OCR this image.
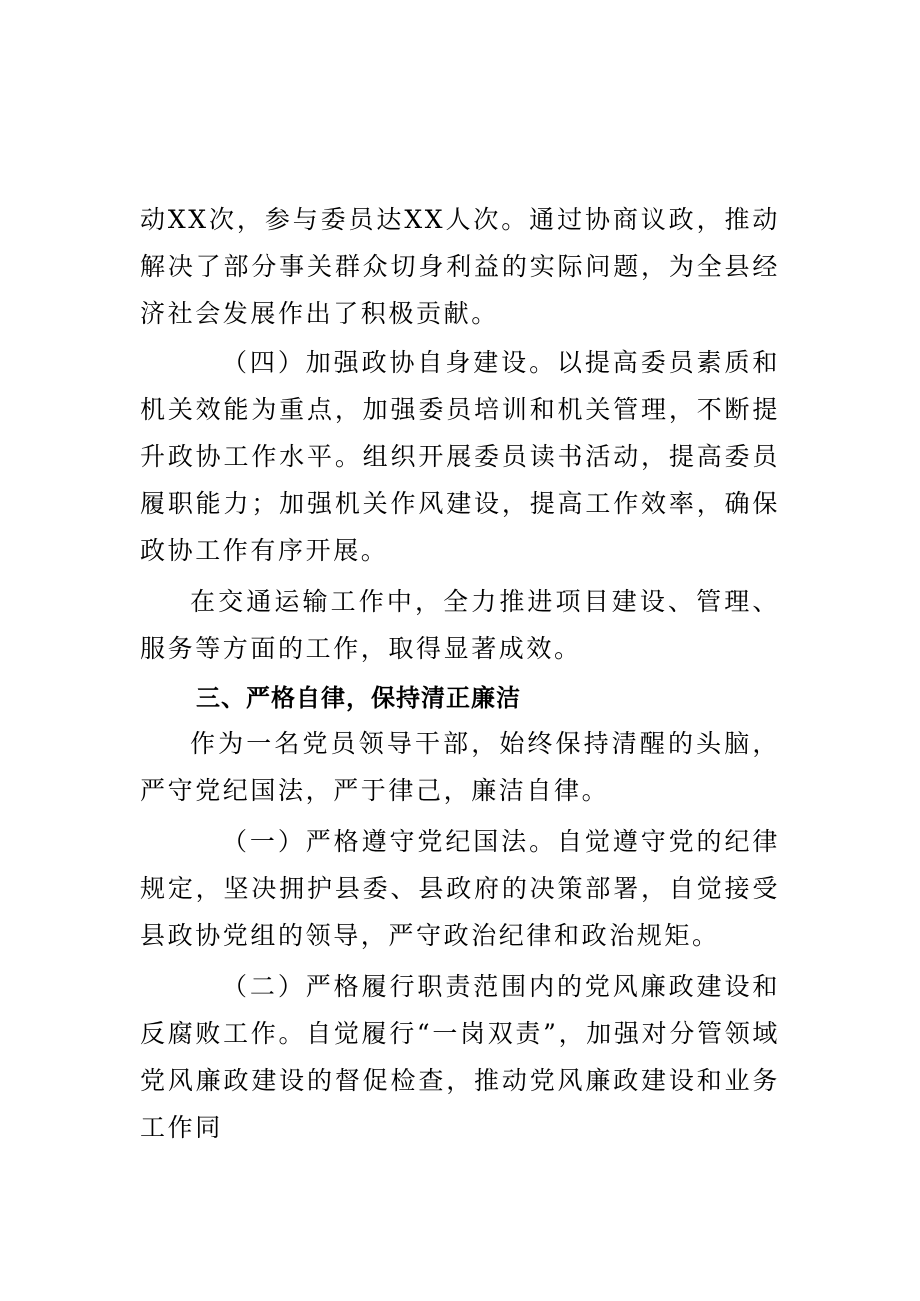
动XX次，参与委员达XX人次。通过协商议政，推动解决了部分事关群众切身利益的实际问题，为全县经济社会发展作出了积极贡献。

（四）加强政协自身建设。以提高委员素质和机关效能为重点，加强委员培训和机关管理，不断提升政协工作水平。组织开展委员读书活动，提高委员履职能力；加强机关作风建设，提高工作效率，确保政协工作有序开展。

在交通运输工作中，全力推进项目建设、管理、服务等方面的工作，取得显著成效。

三、严格自律，保持清正廉洁

作为一名党员领导干部，始终保持清醒的头脑，严守党纪国法，严于律己，廉洁自律。

（一）严格遵守党纪国法。自觉遵守党的纪律规定，坚决拥护县委、县政府的决策部署，自觉接受县政协党组的领导，严守政治纪律和政治规矩。

（二）严格履行职责范围内的党风廉政建设和反腐败工作。自觉履行“一岗双责”，加强对分管领域党风廉政建设的督促检查，推动党风廉政建设和业务工作同
